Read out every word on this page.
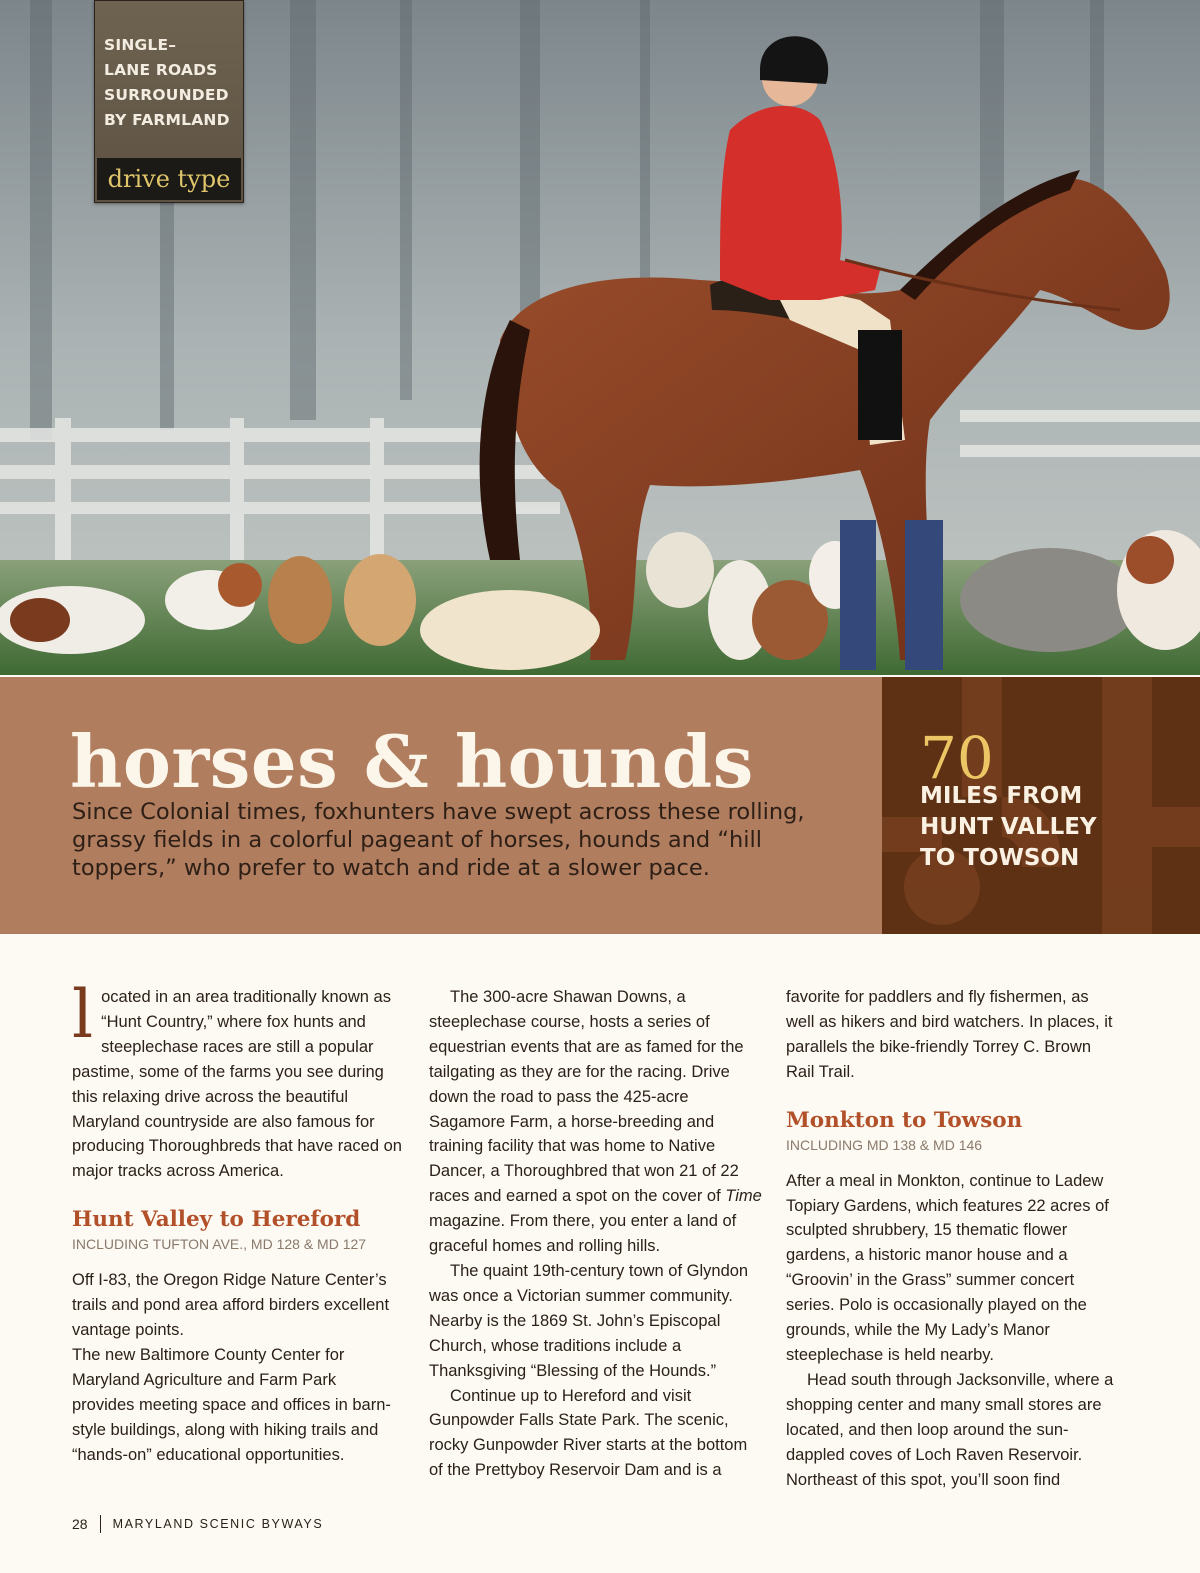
SINGLE–
LANE ROADS
SURROUNDED
BY FARMLAND
drive type
horses & hounds

Since Colonial times, foxhunters have swept across these rolling, grassy fields in a colorful pageant of horses, hounds and “hill toppers,” who prefer to watch and ride at a slower pace.

70
MILES FROM
HUNT VALLEY
TO TOWSON

located in an area traditionally known as “Hunt Country,” where fox hunts and steeplechase races are still a popular pastime, some of the farms you see during this relaxing drive across the beautiful Maryland countryside are also famous for producing Thoroughbreds that have raced on major tracks across America.

Hunt Valley to Hereford
INCLUDING TUFTON AVE., MD 128 & MD 127

Off I-83, the Oregon Ridge Nature Center’s trails and pond area afford birders excellent vantage points.

The new Baltimore County Center for Maryland Agriculture and Farm Park provides meeting space and offices in barn-style buildings, along with hiking trails and “hands-on” educational opportunities.

The 300-acre Shawan Downs, a steeplechase course, hosts a series of equestrian events that are as famed for the tailgating as they are for the racing. Drive down the road to pass the 425-acre Sagamore Farm, a horse-breeding and training facility that was home to Native Dancer, a Thoroughbred that won 21 of 22 races and earned a spot on the cover of Time magazine. From there, you enter a land of graceful homes and rolling hills.

The quaint 19th-century town of Glyndon was once a Victorian summer community. Nearby is the 1869 St. John’s Episcopal Church, whose traditions include a Thanksgiving “Blessing of the Hounds.”

Continue up to Hereford and visit Gunpowder Falls State Park. The scenic, rocky Gunpowder River starts at the bottom of the Prettyboy Reservoir Dam and is a

favorite for paddlers and fly fishermen, as well as hikers and bird watchers. In places, it parallels the bike-friendly Torrey C. Brown Rail Trail.

Monkton to Towson
INCLUDING MD 138 & MD 146

After a meal in Monkton, continue to Ladew Topiary Gardens, which features 22 acres of sculpted shrubbery, 15 thematic flower gardens, a historic manor house and a “Groovin’ in the Grass” summer concert series. Polo is occasionally played on the grounds, while the My Lady’s Manor steeplechase is held nearby.

Head south through Jacksonville, where a shopping center and many small stores are located, and then loop around the sun-dappled coves of Loch Raven Reservoir. Northeast of this spot, you’ll soon find

28 MARYLAND SCENIC BYWAYS
